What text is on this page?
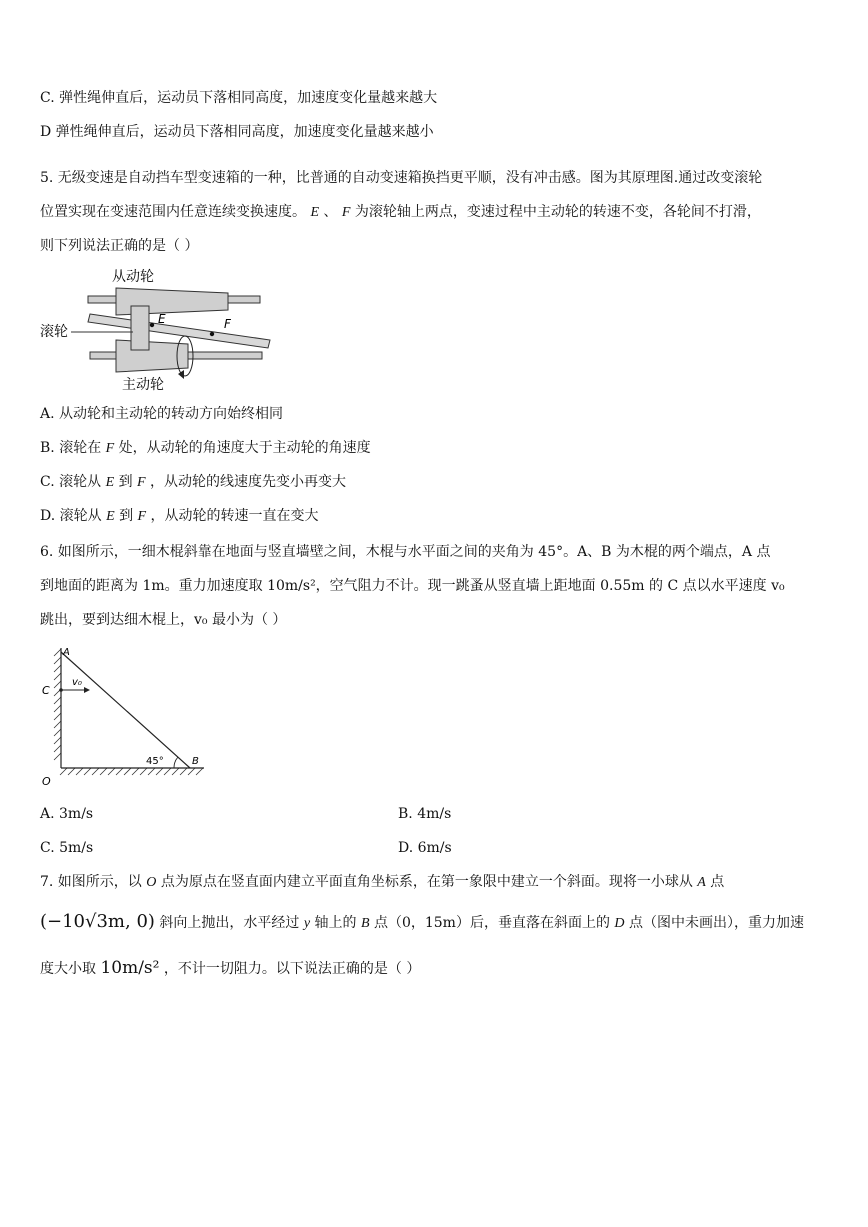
C. 弹性绳伸直后，运动员下落相同高度，加速度变化量越来越大
D 弹性绳伸直后，运动员下落相同高度，加速度变化量越来越小
5. 无级变速是自动挡车型变速箱的一种，比普通的自动变速箱换挡更平顺，没有冲击感。图为其原理图.通过改变滚轮
位置实现在变速范围内任意连续变换速度。 E 、 F 为滚轮轴上两点，变速过程中主动轮的转速不变，各轮间不打滑，
则下列说法正确的是（ ）
E	F
从动轮
滚轮
主动轮
A. 从动轮和主动轮的转动方向始终相同
B. 滚轮在 F 处，从动轮的角速度大于主动轮的角速度
C. 滚轮从 E 到 F ，从动轮的线速度先变小再变大
D. 滚轮从 E 到 F ，从动轮的转速一直在变大
6. 如图所示，一细木棍斜靠在地面与竖直墙壁之间，木棍与水平面之间的夹角为 45°。A、B 为木棍的两个端点，A 点
到地面的距离为 1m。重力加速度取 10m/s²，空气阻力不计。现一跳蚤从竖直墙上距地面 0.55m 的 C 点以水平速度 v₀
跳出，要到达细木棍上，v₀ 最小为（ ）
A
C
v₀
O
B
45°
A. 3m/s	B. 4m/s
C. 5m/s	D. 6m/s
7. 如图所示，以 O 点为原点在竖直面内建立平面直角坐标系，在第一象限中建立一个斜面。现将一小球从 A 点
(−10√3m, 0) 斜向上抛出，水平经过 y 轴上的 B 点（0，15m）后，垂直落在斜面上的 D 点（图中未画出），重力加速
度大小取 10m/s² ，不计一切阻力。以下说法正确的是（ ）
